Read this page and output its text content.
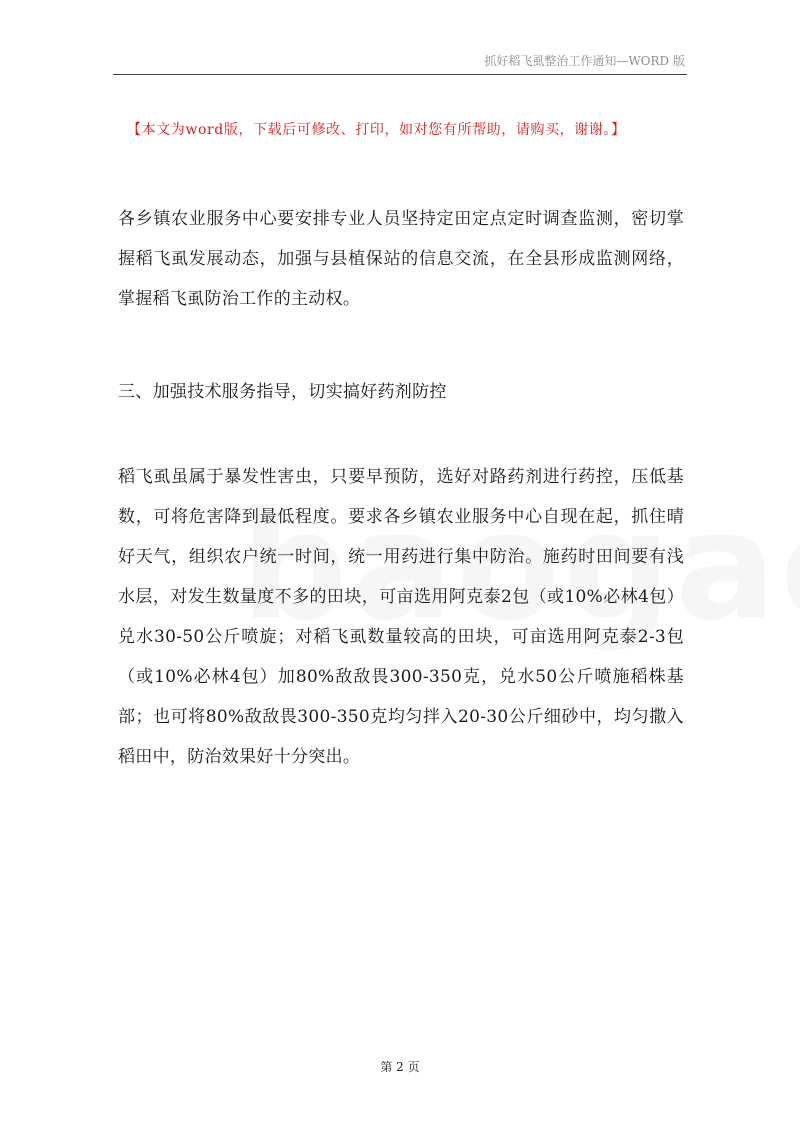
抓好稻飞虱整治工作通知—WORD 版
【本文为word版，下载后可修改、打印，如对您有所帮助，请购买，谢谢。】
各乡镇农业服务中心要安排专业人员坚持定田定点定时调查监测，密切掌握稻飞虱发展动态，加强与县植保站的信息交流，在全县形成监测网络，掌握稻飞虱防治工作的主动权。
三、加强技术服务指导，切实搞好药剂防控
稻飞虱虽属于暴发性害虫，只要早预防，选好对路药剂进行药控，压低基数，可将危害降到最低程度。要求各乡镇农业服务中心自现在起，抓住晴好天气，组织农户统一时间，统一用药进行集中防治。施药时田间要有浅水层，对发生数量度不多的田块，可亩选用阿克泰2包（或10%必林4包）兑水30-50公斤喷旋；对稻飞虱数量较高的田块，可亩选用阿克泰2-3包（或10%必林4包）加80%敌敌畏300-350克，兑水50公斤喷施稻株基部；也可将80%敌敌畏300-350克均匀拌入20-30公斤细砂中，均匀撒入稻田中，防治效果好十分突出。
第 2 页
